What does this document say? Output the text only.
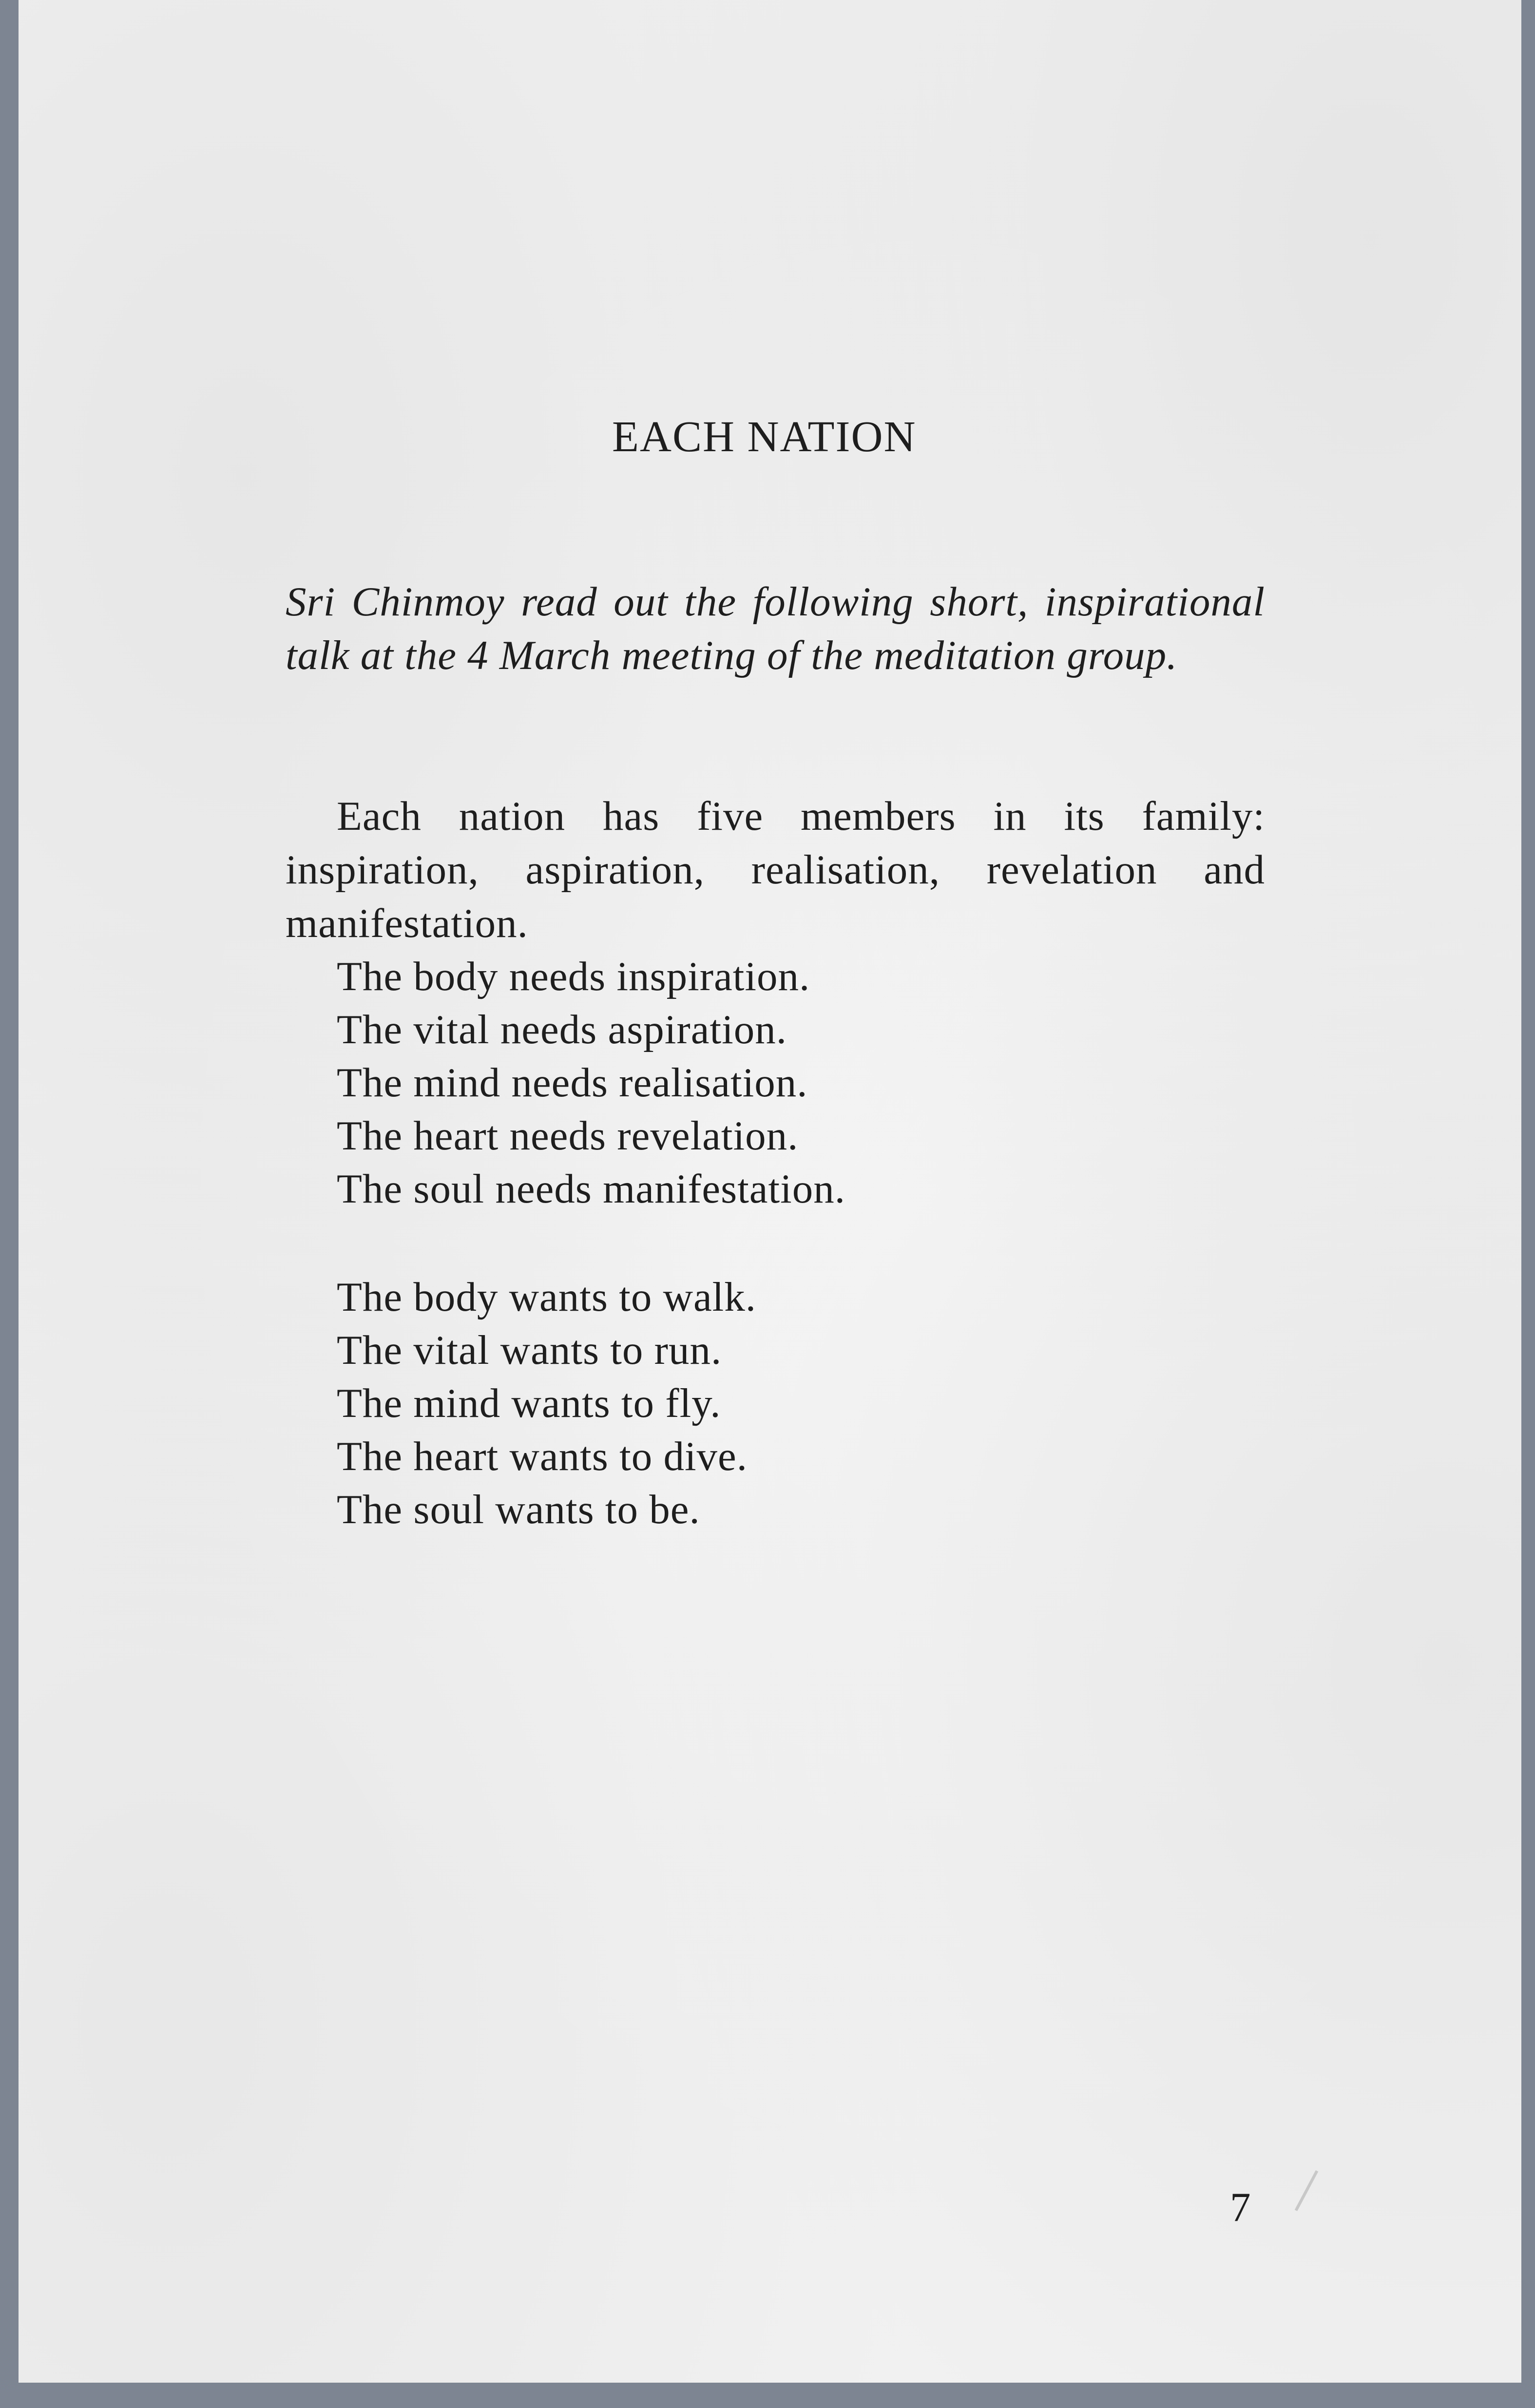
EACH NATION

Sri Chinmoy read out the following short, inspirational talk at the 4 March meeting of the meditation group.

Each nation has five members in its family: inspiration, aspiration, realisation, revelation and manifestation.

The body needs inspiration.
The vital needs aspiration.
The mind needs realisation.
The heart needs revelation.
The soul needs manifestation.
The body wants to walk.
The vital wants to run.
The mind wants to fly.
The heart wants to dive.
The soul wants to be.
7
